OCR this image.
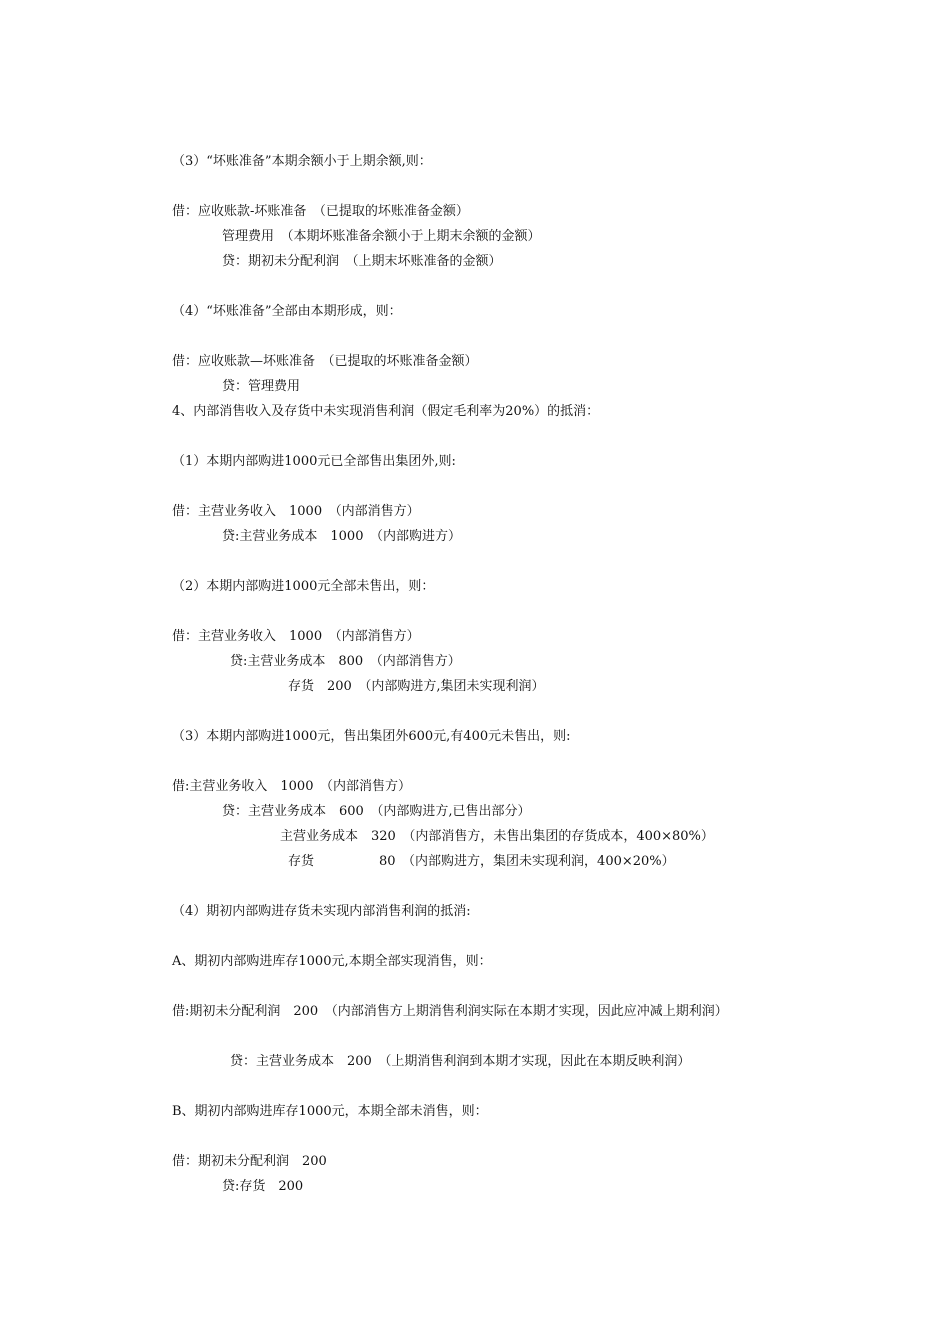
（3）“坏账准备”本期余额小于上期余额,则：
借：应收账款-坏账准备　（已提取的坏账准备金额）
管理费用　（本期坏账准备余额小于上期末余额的金额）
贷：期初未分配利润　（上期末坏账准备的金额）
（4）“坏账准备”全部由本期形成，则：
借：应收账款—坏账准备　（已提取的坏账准备金额）
贷：管理费用
4、内部消售收入及存货中未实现消售利润（假定毛利率为20%）的抵消：
（1）本期内部购进1000元已全部售出集团外,则:
借：主营业务收入　1000　（内部消售方）
贷:主营业务成本　1000　（内部购进方）
（2）本期内部购进1000元全部未售出，则：
借：主营业务收入　1000　（内部消售方）
贷:主营业务成本　800　（内部消售方）
存货　200　（内部购进方,集团未实现利润）
（3）本期内部购进1000元，售出集团外600元,有400元未售出，则:
借:主营业务收入　1000　（内部消售方）
贷：主营业务成本　600　（内部购进方,已售出部分）
主营业务成本　320　（内部消售方，未售出集团的存货成本，400×80%）
存货　　　　　80　（内部购进方，集团未实现利润，400×20%）
（4）期初内部购进存货未实现内部消售利润的抵消:
A、期初内部购进库存1000元,本期全部实现消售，则：
借:期初未分配利润　200　（内部消售方上期消售利润实际在本期才实现，因此应冲减上期利润）
贷：主营业务成本　200　（上期消售利润到本期才实现，因此在本期反映利润）
B、期初内部购进库存1000元，本期全部未消售，则：
借：期初未分配利润　200
贷:存货　200
